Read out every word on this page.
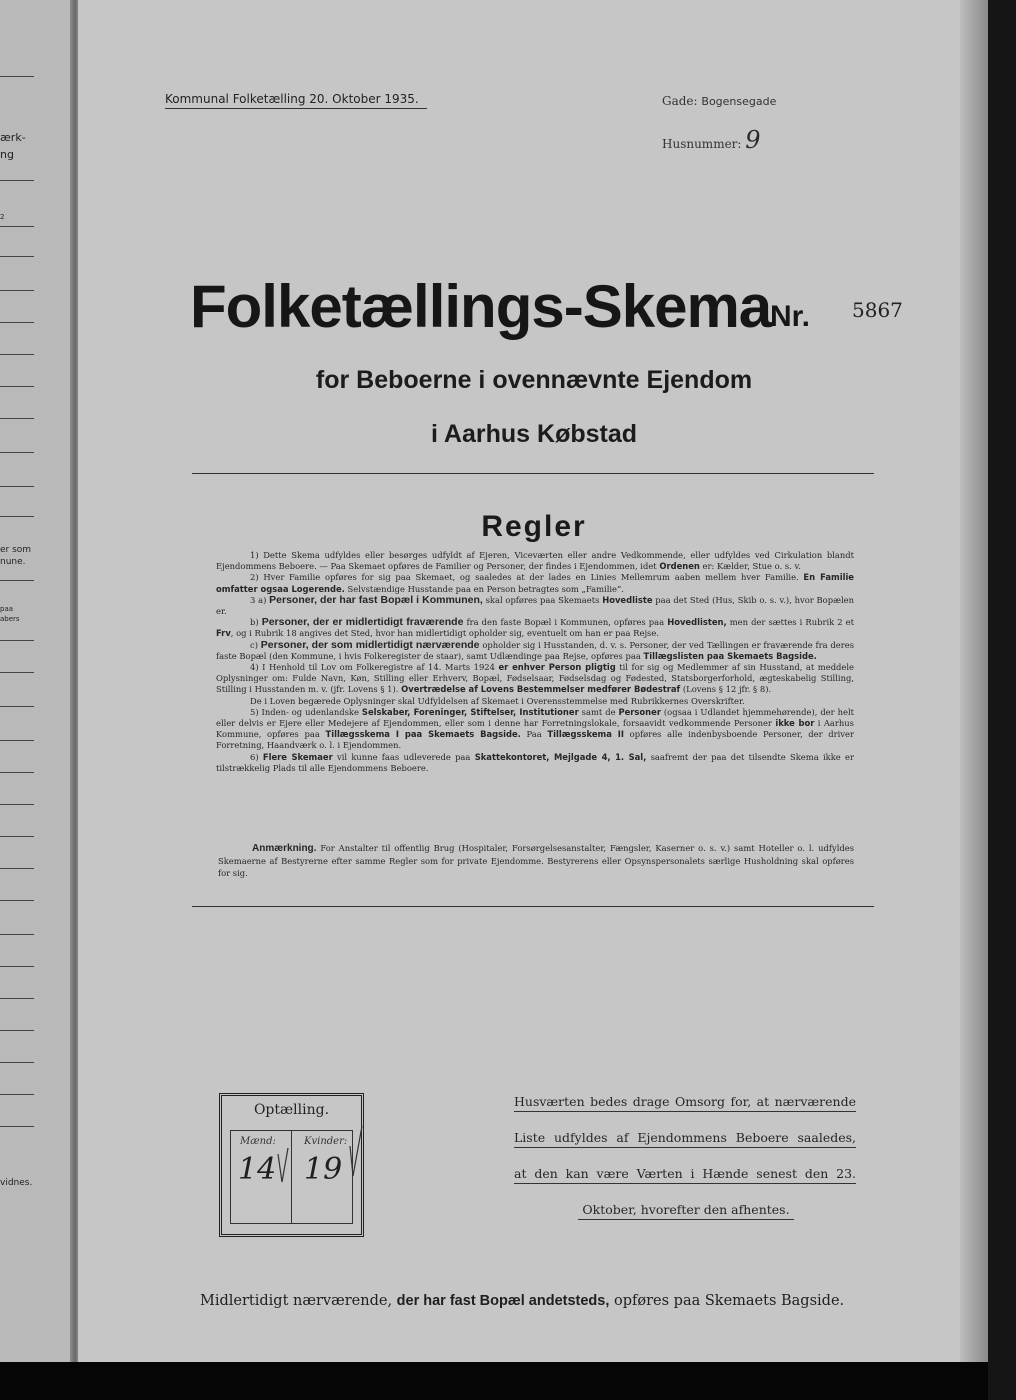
ærk-
ng
2
er som
nune.
paa
abers
vidnes.
Kommunal Folketælling 20. Oktober 1935.	Gade: Bogensegade
Husnummer: 9
Folketællings-Skema
Nr. 5867
for Beboerne i ovennævnte Ejendom
i Aarhus Købstad
Regler

1) Dette Skema udfyldes eller besørges udfyldt af Ejeren, Viceværten eller andre Vedkommende, eller udfyldes ved Cirkulation blandt Ejendommens Beboere. — Paa Skemaet opføres de Familier og Personer, der findes i Ejendommen, idet Ordenen er: Kælder, Stue o. s. v.

2) Hver Familie opføres for sig paa Skemaet, og saaledes at der lades en Linies Mellemrum aaben mellem hver Familie. En Familie omfatter ogsaa Logerende. Selvstændige Husstande paa en Person betragtes som „Familie“.

3 a) Personer, der har fast Bopæl i Kommunen, skal opføres paa Skemaets Hovedliste paa det Sted (Hus, Skib o. s. v.), hvor Bopælen er.

b) Personer, der er midlertidigt fraværende fra den faste Bopæl i Kommunen, opføres paa Hovedlisten, men der sættes i Rubrik 2 et Frv, og i Rubrik 18 angives det Sted, hvor han midlertidigt opholder sig, eventuelt om han er paa Rejse.

c) Personer, der som midlertidigt nærværende opholder sig i Husstanden, d. v. s. Personer, der ved Tællingen er fraværende fra deres faste Bopæl (den Kommune, i hvis Folkeregister de staar), samt Udlændinge paa Rejse, opføres paa Tillægslisten paa Skemaets Bagside.

4) I Henhold til Lov om Folkeregistre af 14. Marts 1924 er enhver Person pligtig til for sig og Medlemmer af sin Husstand, at meddele Oplysninger om: Fulde Navn, Køn, Stilling eller Erhverv, Bopæl, Fødselsaar, Fødselsdag og Fødested, Statsborgerforhold, ægteskabelig Stilling, Stilling i Husstanden m. v. (jfr. Lovens § 1). Overtrædelse af Lovens Bestemmelser medfører Bødestraf (Lovens § 12 jfr. § 8).

De i Loven begærede Oplysninger skal Udfyldelsen af Skemaet i Overensstemmelse med Rubrikkernes Overskrifter.

5) Inden- og udenlandske Selskaber, Foreninger, Stiftelser, Institutioner samt de Personer (ogsaa i Udlandet hjemmehørende), der helt eller delvis er Ejere eller Medejere af Ejendommen, eller som i denne har Forretningslokale, forsaavidt vedkommende Personer ikke bor i Aarhus Kommune, opføres paa Tillægsskema I paa Skemaets Bagside. Paa Tillægsskema II opføres alle indenbysboende Personer, der driver Forretning, Haandværk o. l. i Ejendommen.

6) Flere Skemaer vil kunne faas udleverede paa Skattekontoret, Mejlgade 4, 1. Sal, saafremt der paa det tilsendte Skema ikke er tilstrækkelig Plads til alle Ejendommens Beboere.

Anmærkning. For Anstalter til offentlig Brug (Hospitaler, Forsørgelsesanstalter, Fængsler, Kaserner o. s. v.) samt Hoteller o. l. udfyldes Skemaerne af Bestyrerne efter samme Regler som for private Ejendomme. Bestyrerens eller Opsynspersonalets særlige Husholdning skal opføres for sig.

Optælling.
Mænd:	Kvinder:
14 19
Husværten bedes drage Omsorg for, at nærværende
Liste udfyldes af Ejendommens Beboere saaledes,
at den kan være Værten i Hænde senest den 23.
Oktober, hvorefter den afhentes.
Midlertidigt nærværende, der har fast Bopæl andetsteds, opføres paa Skemaets Bagside.
